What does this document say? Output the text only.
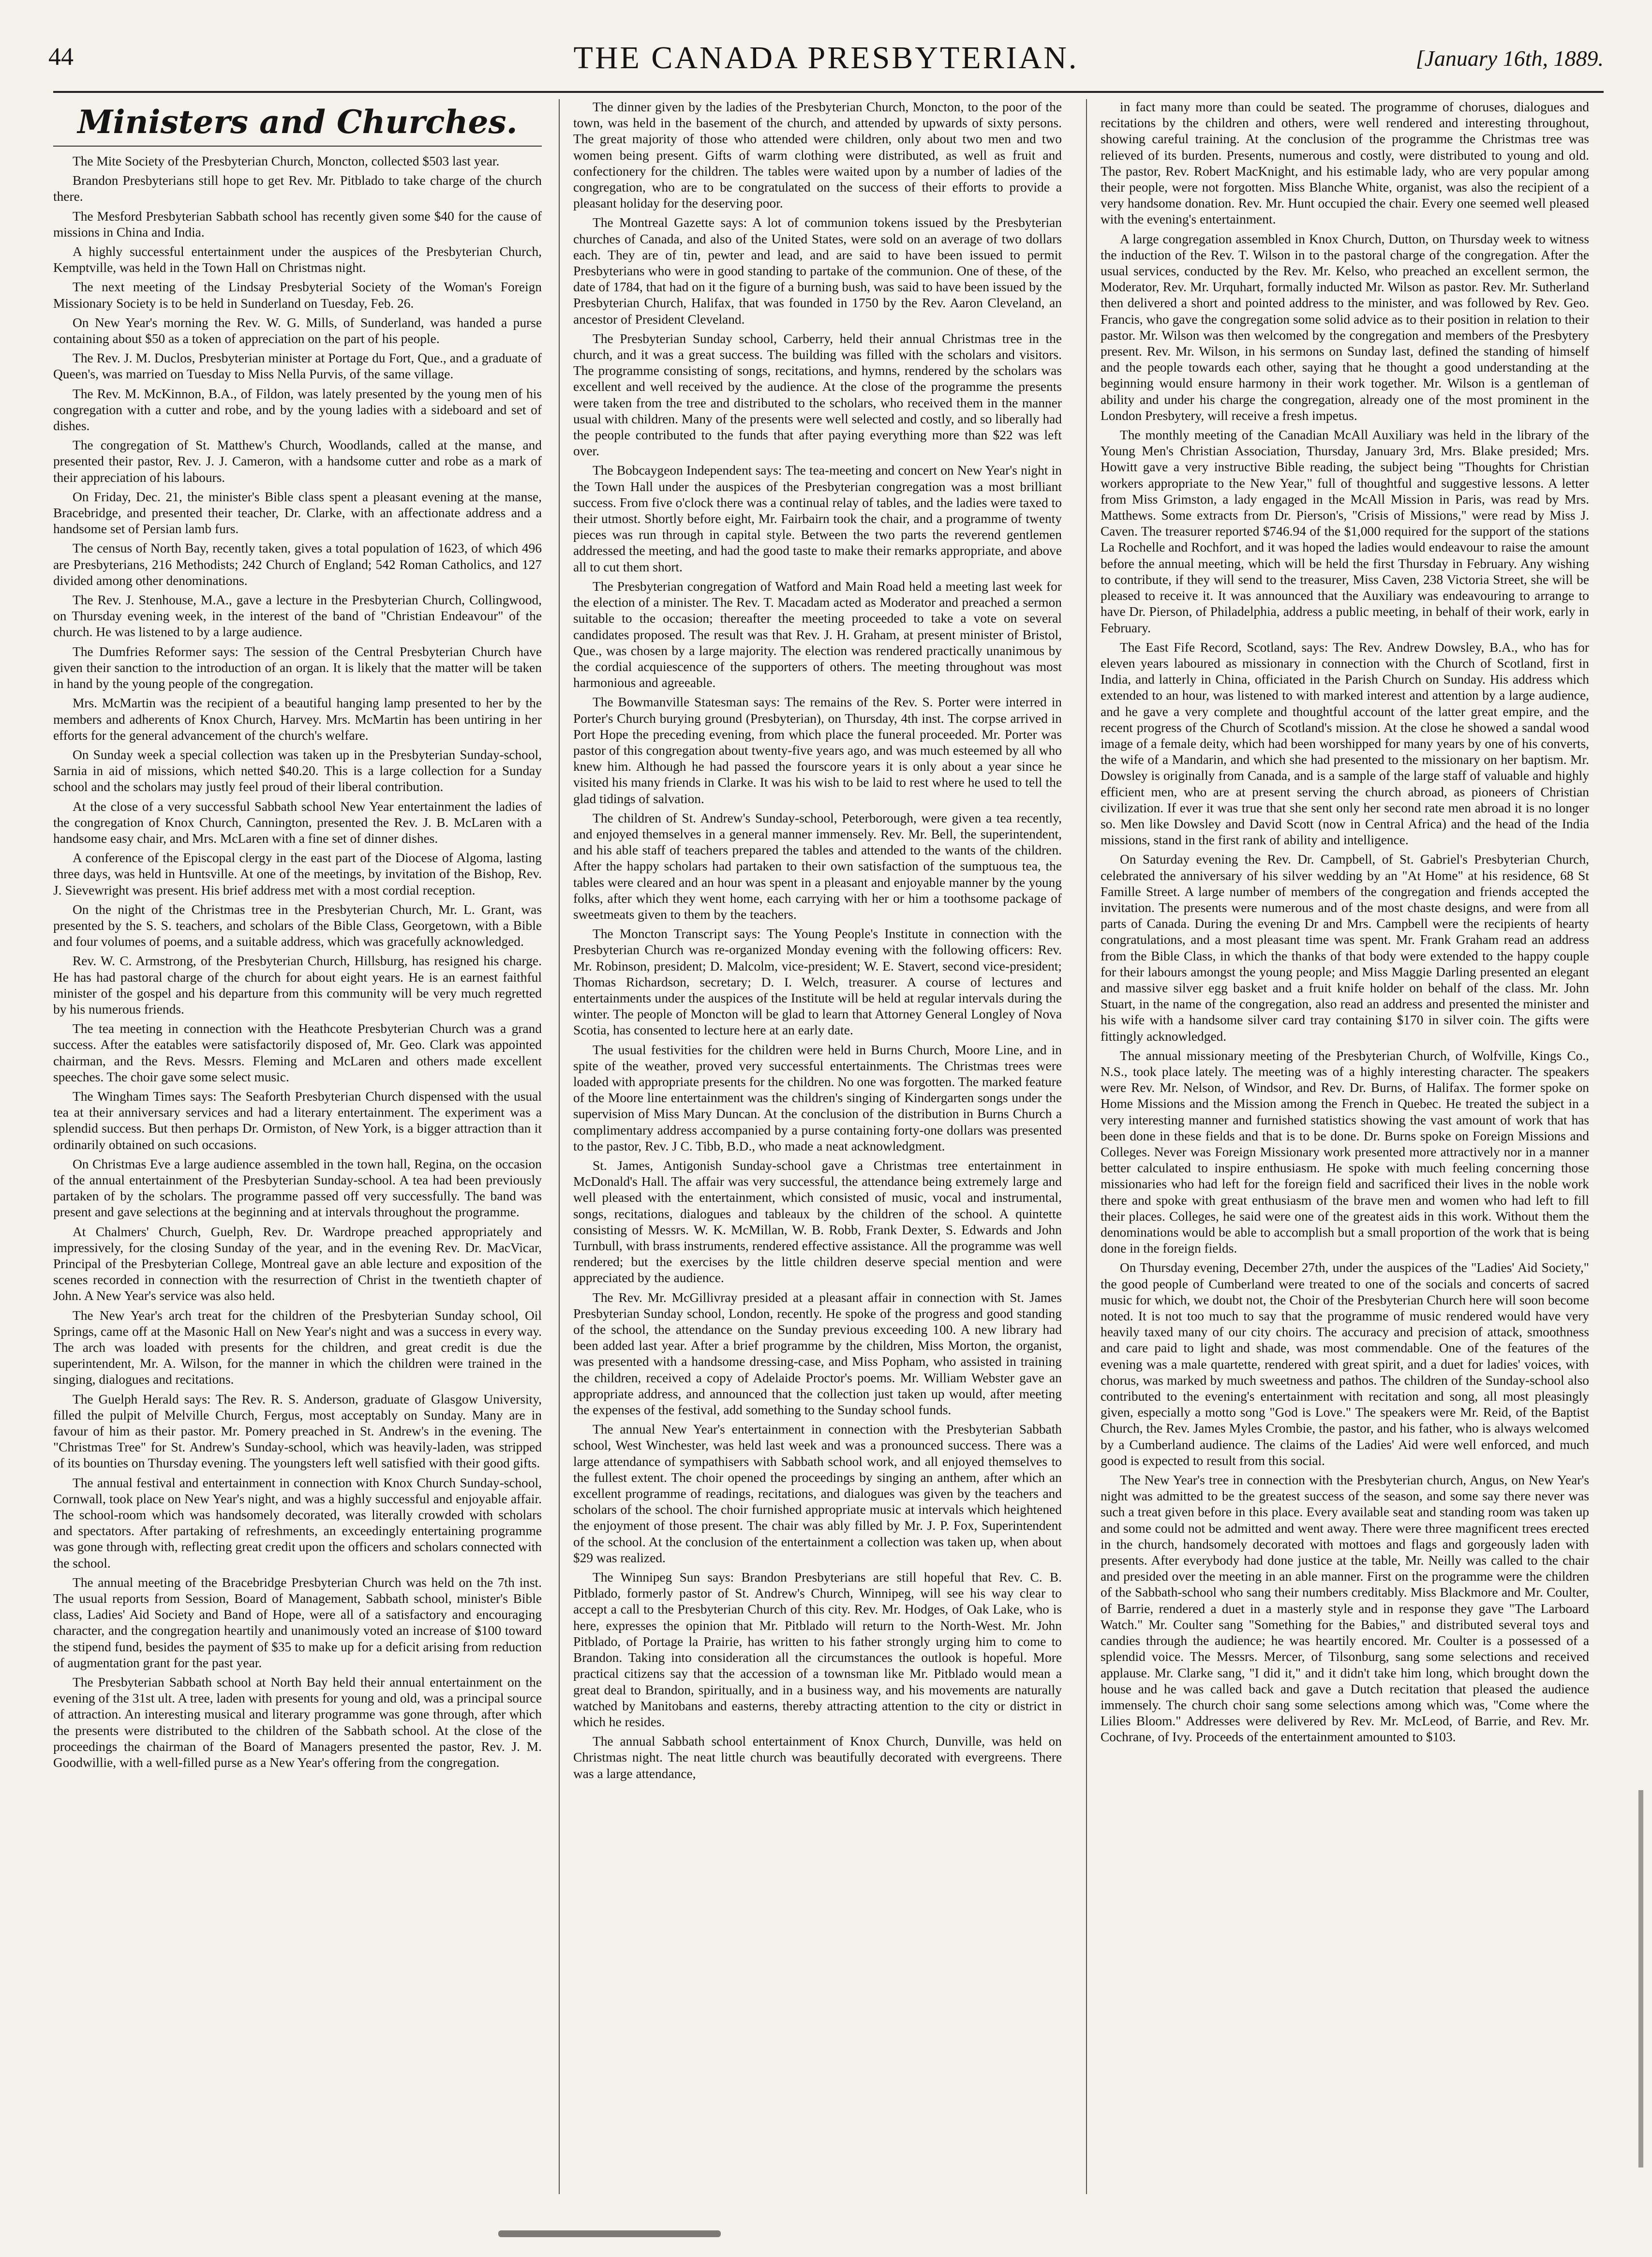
44	THE CANADA PRESBYTERIAN.	[January 16th, 1889.
Ministers and Churches.

The Mite Society of the Presbyterian Church, Moncton, collected $503 last year.

Brandon Presbyterians still hope to get Rev. Mr. Pitblado to take charge of the church there.

The Mesford Presbyterian Sabbath school has recently given some $40 for the cause of missions in China and India.

A highly successful entertainment under the auspices of the Presbyterian Church, Kemptville, was held in the Town Hall on Christmas night.

The next meeting of the Lindsay Presbyterial Society of the Woman's Foreign Missionary Society is to be held in Sunderland on Tuesday, Feb. 26.

On New Year's morning the Rev. W. G. Mills, of Sunderland, was handed a purse containing about $50 as a token of appreciation on the part of his people.

The Rev. J. M. Duclos, Presbyterian minister at Portage du Fort, Que., and a graduate of Queen's, was married on Tuesday to Miss Nella Purvis, of the same village.

The Rev. M. McKinnon, B.A., of Fildon, was lately presented by the young men of his congregation with a cutter and robe, and by the young ladies with a sideboard and set of dishes.

The congregation of St. Matthew's Church, Woodlands, called at the manse, and presented their pastor, Rev. J. J. Cameron, with a handsome cutter and robe as a mark of their appreciation of his labours.

On Friday, Dec. 21, the minister's Bible class spent a pleasant evening at the manse, Bracebridge, and presented their teacher, Dr. Clarke, with an affectionate address and a handsome set of Persian lamb furs.

The census of North Bay, recently taken, gives a total population of 1623, of which 496 are Presbyterians, 216 Methodists; 242 Church of England; 542 Roman Catholics, and 127 divided among other denominations.

The Rev. J. Stenhouse, M.A., gave a lecture in the Presbyterian Church, Collingwood, on Thursday evening week, in the interest of the band of "Christian Endeavour" of the church. He was listened to by a large audience.

The Dumfries Reformer says: The session of the Central Presbyterian Church have given their sanction to the introduction of an organ. It is likely that the matter will be taken in hand by the young people of the congregation.

Mrs. McMartin was the recipient of a beautiful hanging lamp presented to her by the members and adherents of Knox Church, Harvey. Mrs. McMartin has been untiring in her efforts for the general advancement of the church's welfare.

On Sunday week a special collection was taken up in the Presbyterian Sunday-school, Sarnia in aid of missions, which netted $40.20. This is a large collection for a Sunday school and the scholars may justly feel proud of their liberal contribution.

At the close of a very successful Sabbath school New Year entertainment the ladies of the congregation of Knox Church, Cannington, presented the Rev. J. B. McLaren with a handsome easy chair, and Mrs. McLaren with a fine set of dinner dishes.

A conference of the Episcopal clergy in the east part of the Diocese of Algoma, lasting three days, was held in Huntsville. At one of the meetings, by invitation of the Bishop, Rev. J. Sievewright was present. His brief address met with a most cordial reception.

On the night of the Christmas tree in the Presbyterian Church, Mr. L. Grant, was presented by the S. S. teachers, and scholars of the Bible Class, Georgetown, with a Bible and four volumes of poems, and a suitable address, which was gracefully acknowledged.

Rev. W. C. Armstrong, of the Presbyterian Church, Hillsburg, has resigned his charge. He has had pastoral charge of the church for about eight years. He is an earnest faithful minister of the gospel and his departure from this community will be very much regretted by his numerous friends.

The tea meeting in connection with the Heathcote Presbyterian Church was a grand success. After the eatables were satisfactorily disposed of, Mr. Geo. Clark was appointed chairman, and the Revs. Messrs. Fleming and McLaren and others made excellent speeches. The choir gave some select music.

The Wingham Times says: The Seaforth Presbyterian Church dispensed with the usual tea at their anniversary services and had a literary entertainment. The experiment was a splendid success. But then perhaps Dr. Ormiston, of New York, is a bigger attraction than it ordinarily obtained on such occasions.

On Christmas Eve a large audience assembled in the town hall, Regina, on the occasion of the annual entertainment of the Presbyterian Sunday-school. A tea had been previously partaken of by the scholars. The programme passed off very successfully. The band was present and gave selections at the beginning and at intervals throughout the programme.

At Chalmers' Church, Guelph, Rev. Dr. Wardrope preached appropriately and impressively, for the closing Sunday of the year, and in the evening Rev. Dr. MacVicar, Principal of the Presbyterian College, Montreal gave an able lecture and exposition of the scenes recorded in connection with the resurrection of Christ in the twentieth chapter of John. A New Year's service was also held.

The New Year's arch treat for the children of the Presbyterian Sunday school, Oil Springs, came off at the Masonic Hall on New Year's night and was a success in every way. The arch was loaded with presents for the children, and great credit is due the superintendent, Mr. A. Wilson, for the manner in which the children were trained in the singing, dialogues and recitations.

The Guelph Herald says: The Rev. R. S. Anderson, graduate of Glasgow University, filled the pulpit of Melville Church, Fergus, most acceptably on Sunday. Many are in favour of him as their pastor. Mr. Pomery preached in St. Andrew's in the evening. The "Christmas Tree" for St. Andrew's Sunday-school, which was heavily-laden, was stripped of its bounties on Thursday evening. The youngsters left well satisfied with their good gifts.

The annual festival and entertainment in connection with Knox Church Sunday-school, Cornwall, took place on New Year's night, and was a highly successful and enjoyable affair. The school-room which was handsomely decorated, was literally crowded with scholars and spectators. After partaking of refreshments, an exceedingly entertaining programme was gone through with, reflecting great credit upon the officers and scholars connected with the school.

The annual meeting of the Bracebridge Presbyterian Church was held on the 7th inst. The usual reports from Session, Board of Management, Sabbath school, minister's Bible class, Ladies' Aid Society and Band of Hope, were all of a satisfactory and encouraging character, and the congregation heartily and unanimously voted an increase of $100 toward the stipend fund, besides the payment of $35 to make up for a deficit arising from reduction of augmentation grant for the past year.

The Presbyterian Sabbath school at North Bay held their annual entertainment on the evening of the 31st ult. A tree, laden with presents for young and old, was a principal source of attraction. An interesting musical and literary programme was gone through, after which the presents were distributed to the children of the Sabbath school. At the close of the proceedings the chairman of the Board of Managers presented the pastor, Rev. J. M. Goodwillie, with a well-filled purse as a New Year's offering from the congregation.

The dinner given by the ladies of the Presbyterian Church, Moncton, to the poor of the town, was held in the basement of the church, and attended by upwards of sixty persons. The great majority of those who attended were children, only about two men and two women being present. Gifts of warm clothing were distributed, as well as fruit and confectionery for the children. The tables were waited upon by a number of ladies of the congregation, who are to be congratulated on the success of their efforts to provide a pleasant holiday for the deserving poor.

The Montreal Gazette says: A lot of communion tokens issued by the Presbyterian churches of Canada, and also of the United States, were sold on an average of two dollars each. They are of tin, pewter and lead, and are said to have been issued to permit Presbyterians who were in good standing to partake of the communion. One of these, of the date of 1784, that had on it the figure of a burning bush, was said to have been issued by the Presbyterian Church, Halifax, that was founded in 1750 by the Rev. Aaron Cleveland, an ancestor of President Cleveland.

The Presbyterian Sunday school, Carberry, held their annual Christmas tree in the church, and it was a great success. The building was filled with the scholars and visitors. The programme consisting of songs, recitations, and hymns, rendered by the scholars was excellent and well received by the audience. At the close of the programme the presents were taken from the tree and distributed to the scholars, who received them in the manner usual with children. Many of the presents were well selected and costly, and so liberally had the people contributed to the funds that after paying everything more than $22 was left over.

The Bobcaygeon Independent says: The tea-meeting and concert on New Year's night in the Town Hall under the auspices of the Presbyterian congregation was a most brilliant success. From five o'clock there was a continual relay of tables, and the ladies were taxed to their utmost. Shortly before eight, Mr. Fairbairn took the chair, and a programme of twenty pieces was run through in capital style. Between the two parts the reverend gentlemen addressed the meeting, and had the good taste to make their remarks appropriate, and above all to cut them short.

The Presbyterian congregation of Watford and Main Road held a meeting last week for the election of a minister. The Rev. T. Macadam acted as Moderator and preached a sermon suitable to the occasion; thereafter the meeting proceeded to take a vote on several candidates proposed. The result was that Rev. J. H. Graham, at present minister of Bristol, Que., was chosen by a large majority. The election was rendered practically unanimous by the cordial acquiescence of the supporters of others. The meeting throughout was most harmonious and agreeable.

The Bowmanville Statesman says: The remains of the Rev. S. Porter were interred in Porter's Church burying ground (Presbyterian), on Thursday, 4th inst. The corpse arrived in Port Hope the preceding evening, from which place the funeral proceeded. Mr. Porter was pastor of this congregation about twenty-five years ago, and was much esteemed by all who knew him. Although he had passed the fourscore years it is only about a year since he visited his many friends in Clarke. It was his wish to be laid to rest where he used to tell the glad tidings of salvation.

The children of St. Andrew's Sunday-school, Peterborough, were given a tea recently, and enjoyed themselves in a general manner immensely. Rev. Mr. Bell, the superintendent, and his able staff of teachers prepared the tables and attended to the wants of the children. After the happy scholars had partaken to their own satisfaction of the sumptuous tea, the tables were cleared and an hour was spent in a pleasant and enjoyable manner by the young folks, after which they went home, each carrying with her or him a toothsome package of sweetmeats given to them by the teachers.

The Moncton Transcript says: The Young People's Institute in connection with the Presbyterian Church was re-organized Monday evening with the following officers: Rev. Mr. Robinson, president; D. Malcolm, vice-president; W. E. Stavert, second vice-president; Thomas Richardson, secretary; D. I. Welch, treasurer. A course of lectures and entertainments under the auspices of the Institute will be held at regular intervals during the winter. The people of Moncton will be glad to learn that Attorney General Longley of Nova Scotia, has consented to lecture here at an early date.

The usual festivities for the children were held in Burns Church, Moore Line, and in spite of the weather, proved very successful entertainments. The Christmas trees were loaded with appropriate presents for the children. No one was forgotten. The marked feature of the Moore line entertainment was the children's singing of Kindergarten songs under the supervision of Miss Mary Duncan. At the conclusion of the distribution in Burns Church a complimentary address accompanied by a purse containing forty-one dollars was presented to the pastor, Rev. J C. Tibb, B.D., who made a neat acknowledgment.

St. James, Antigonish Sunday-school gave a Christmas tree entertainment in McDonald's Hall. The affair was very successful, the attendance being extremely large and well pleased with the entertainment, which consisted of music, vocal and instrumental, songs, recitations, dialogues and tableaux by the children of the school. A quintette consisting of Messrs. W. K. McMillan, W. B. Robb, Frank Dexter, S. Edwards and John Turnbull, with brass instruments, rendered effective assistance. All the programme was well rendered; but the exercises by the little children deserve special mention and were appreciated by the audience.

The Rev. Mr. McGillivray presided at a pleasant affair in connection with St. James Presbyterian Sunday school, London, recently. He spoke of the progress and good standing of the school, the attendance on the Sunday previous exceeding 100. A new library had been added last year. After a brief programme by the children, Miss Morton, the organist, was presented with a handsome dressing-case, and Miss Popham, who assisted in training the children, received a copy of Adelaide Proctor's poems. Mr. William Webster gave an appropriate address, and announced that the collection just taken up would, after meeting the expenses of the festival, add something to the Sunday school funds.

The annual New Year's entertainment in connection with the Presbyterian Sabbath school, West Winchester, was held last week and was a pronounced success. There was a large attendance of sympathisers with Sabbath school work, and all enjoyed themselves to the fullest extent. The choir opened the proceedings by singing an anthem, after which an excellent programme of readings, recitations, and dialogues was given by the teachers and scholars of the school. The choir furnished appropriate music at intervals which heightened the enjoyment of those present. The chair was ably filled by Mr. J. P. Fox, Superintendent of the school. At the conclusion of the entertainment a collection was taken up, when about $29 was realized.

The Winnipeg Sun says: Brandon Presbyterians are still hopeful that Rev. C. B. Pitblado, formerly pastor of St. Andrew's Church, Winnipeg, will see his way clear to accept a call to the Presbyterian Church of this city. Rev. Mr. Hodges, of Oak Lake, who is here, expresses the opinion that Mr. Pitblado will return to the North-West. Mr. John Pitblado, of Portage la Prairie, has written to his father strongly urging him to come to Brandon. Taking into consideration all the circumstances the outlook is hopeful. More practical citizens say that the accession of a townsman like Mr. Pitblado would mean a great deal to Brandon, spiritually, and in a business way, and his movements are naturally watched by Manitobans and easterns, thereby attracting attention to the city or district in which he resides.

The annual Sabbath school entertainment of Knox Church, Dunville, was held on Christmas night. The neat little church was beautifully decorated with evergreens. There was a large attendance,

in fact many more than could be seated. The programme of choruses, dialogues and recitations by the children and others, were well rendered and interesting throughout, showing careful training. At the conclusion of the programme the Christmas tree was relieved of its burden. Presents, numerous and costly, were distributed to young and old. The pastor, Rev. Robert MacKnight, and his estimable lady, who are very popular among their people, were not forgotten. Miss Blanche White, organist, was also the recipient of a very handsome donation. Rev. Mr. Hunt occupied the chair. Every one seemed well pleased with the evening's entertainment.

A large congregation assembled in Knox Church, Dutton, on Thursday week to witness the induction of the Rev. T. Wilson in to the pastoral charge of the congregation. After the usual services, conducted by the Rev. Mr. Kelso, who preached an excellent sermon, the Moderator, Rev. Mr. Urquhart, formally inducted Mr. Wilson as pastor. Rev. Mr. Sutherland then delivered a short and pointed address to the minister, and was followed by Rev. Geo. Francis, who gave the congregation some solid advice as to their position in relation to their pastor. Mr. Wilson was then welcomed by the congregation and members of the Presbytery present. Rev. Mr. Wilson, in his sermons on Sunday last, defined the standing of himself and the people towards each other, saying that he thought a good understanding at the beginning would ensure harmony in their work together. Mr. Wilson is a gentleman of ability and under his charge the congregation, already one of the most prominent in the London Presbytery, will receive a fresh impetus.

The monthly meeting of the Canadian McAll Auxiliary was held in the library of the Young Men's Christian Association, Thursday, January 3rd, Mrs. Blake presided; Mrs. Howitt gave a very instructive Bible reading, the subject being "Thoughts for Christian workers appropriate to the New Year," full of thoughtful and suggestive lessons. A letter from Miss Grimston, a lady engaged in the McAll Mission in Paris, was read by Mrs. Matthews. Some extracts from Dr. Pierson's, "Crisis of Missions," were read by Miss J. Caven. The treasurer reported $746.94 of the $1,000 required for the support of the stations La Rochelle and Rochfort, and it was hoped the ladies would endeavour to raise the amount before the annual meeting, which will be held the first Thursday in February. Any wishing to contribute, if they will send to the treasurer, Miss Caven, 238 Victoria Street, she will be pleased to receive it. It was announced that the Auxiliary was endeavouring to arrange to have Dr. Pierson, of Philadelphia, address a public meeting, in behalf of their work, early in February.

The East Fife Record, Scotland, says: The Rev. Andrew Dowsley, B.A., who has for eleven years laboured as missionary in connection with the Church of Scotland, first in India, and latterly in China, officiated in the Parish Church on Sunday. His address which extended to an hour, was listened to with marked interest and attention by a large audience, and he gave a very complete and thoughtful account of the latter great empire, and the recent progress of the Church of Scotland's mission. At the close he showed a sandal wood image of a female deity, which had been worshipped for many years by one of his converts, the wife of a Mandarin, and which she had presented to the missionary on her baptism. Mr. Dowsley is originally from Canada, and is a sample of the large staff of valuable and highly efficient men, who are at present serving the church abroad, as pioneers of Christian civilization. If ever it was true that she sent only her second rate men abroad it is no longer so. Men like Dowsley and David Scott (now in Central Africa) and the head of the India missions, stand in the first rank of ability and intelligence.

On Saturday evening the Rev. Dr. Campbell, of St. Gabriel's Presbyterian Church, celebrated the anniversary of his silver wedding by an "At Home" at his residence, 68 St Famille Street. A large number of members of the congregation and friends accepted the invitation. The presents were numerous and of the most chaste designs, and were from all parts of Canada. During the evening Dr and Mrs. Campbell were the recipients of hearty congratulations, and a most pleasant time was spent. Mr. Frank Graham read an address from the Bible Class, in which the thanks of that body were extended to the happy couple for their labours amongst the young people; and Miss Maggie Darling presented an elegant and massive silver egg basket and a fruit knife holder on behalf of the class. Mr. John Stuart, in the name of the congregation, also read an address and presented the minister and his wife with a handsome silver card tray containing $170 in silver coin. The gifts were fittingly acknowledged.

The annual missionary meeting of the Presbyterian Church, of Wolfville, Kings Co., N.S., took place lately. The meeting was of a highly interesting character. The speakers were Rev. Mr. Nelson, of Windsor, and Rev. Dr. Burns, of Halifax. The former spoke on Home Missions and the Mission among the French in Quebec. He treated the subject in a very interesting manner and furnished statistics showing the vast amount of work that has been done in these fields and that is to be done. Dr. Burns spoke on Foreign Missions and Colleges. Never was Foreign Missionary work presented more attractively nor in a manner better calculated to inspire enthusiasm. He spoke with much feeling concerning those missionaries who had left for the foreign field and sacrificed their lives in the noble work there and spoke with great enthusiasm of the brave men and women who had left to fill their places. Colleges, he said were one of the greatest aids in this work. Without them the denominations would be able to accomplish but a small proportion of the work that is being done in the foreign fields.

On Thursday evening, December 27th, under the auspices of the "Ladies' Aid Society," the good people of Cumberland were treated to one of the socials and concerts of sacred music for which, we doubt not, the Choir of the Presbyterian Church here will soon become noted. It is not too much to say that the programme of music rendered would have very heavily taxed many of our city choirs. The accuracy and precision of attack, smoothness and care paid to light and shade, was most commendable. One of the features of the evening was a male quartette, rendered with great spirit, and a duet for ladies' voices, with chorus, was marked by much sweetness and pathos. The children of the Sunday-school also contributed to the evening's entertainment with recitation and song, all most pleasingly given, especially a motto song "God is Love." The speakers were Mr. Reid, of the Baptist Church, the Rev. James Myles Crombie, the pastor, and his father, who is always welcomed by a Cumberland audience. The claims of the Ladies' Aid were well enforced, and much good is expected to result from this social.

The New Year's tree in connection with the Presbyterian church, Angus, on New Year's night was admitted to be the greatest success of the season, and some say there never was such a treat given before in this place. Every available seat and standing room was taken up and some could not be admitted and went away. There were three magnificent trees erected in the church, handsomely decorated with mottoes and flags and gorgeously laden with presents. After everybody had done justice at the table, Mr. Neilly was called to the chair and presided over the meeting in an able manner. First on the programme were the children of the Sabbath-school who sang their numbers creditably. Miss Blackmore and Mr. Coulter, of Barrie, rendered a duet in a masterly style and in response they gave "The Larboard Watch." Mr. Coulter sang "Something for the Babies," and distributed several toys and candies through the audience; he was heartily encored. Mr. Coulter is a possessed of a splendid voice. The Messrs. Mercer, of Tilsonburg, sang some selections and received applause. Mr. Clarke sang, "I did it," and it didn't take him long, which brought down the house and he was called back and gave a Dutch recitation that pleased the audience immensely. The church choir sang some selections among which was, "Come where the Lilies Bloom." Addresses were delivered by Rev. Mr. McLeod, of Barrie, and Rev. Mr. Cochrane, of Ivy. Proceeds of the entertainment amounted to $103.
